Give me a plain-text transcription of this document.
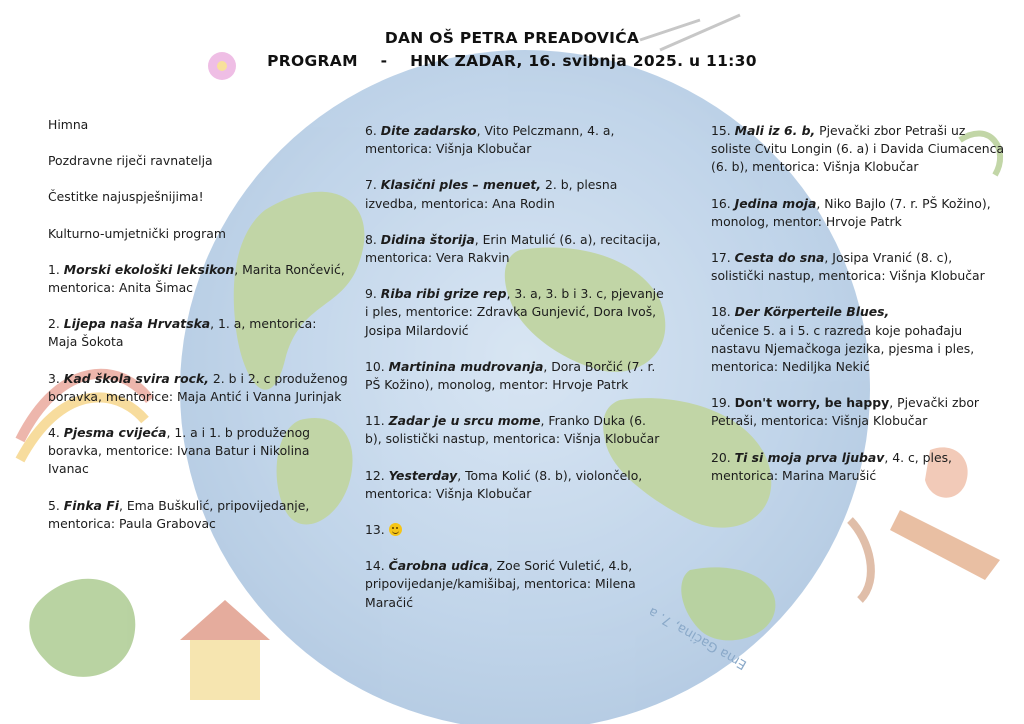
DAN OŠ PETRA PREADOVIĆA
PROGRAM    -    HNK ZADAR, 16. svibnja 2025. u 11:30
Himna
Pozdravne riječi ravnatelja
Čestitke najuspješnijima!
Kulturno-umjetnički program
1. Morski ekološki leksikon, Marita Rončević, mentorica: Anita Šimac
2. Lijepa naša Hrvatska, 1. a, mentorica: Maja Šokota
3. Kad škola svira rock, 2. b i 2. c produženog boravka, mentorice: Maja Antić i Vanna Jurinjak
4. Pjesma cvijeća, 1. a i 1. b produženog boravka, mentorice: Ivana Batur i Nikolina Ivanac
5. Finka Fi, Ema Buškulić, pripovijedanje, mentorica: Paula Grabovac
6. Dite zadarsko, Vito Pelczmann, 4. a, mentorica: Višnja Klobučar
7. Klasični ples – menuet, 2. b, plesna izvedba, mentorica: Ana Rodin
8. Didina štorija, Erin Matulić (6. a), recitacija, mentorica: Vera Rakvin
9. Riba ribi grize rep, 3. a, 3. b i 3. c, pjevanje i ples, mentorice: Zdravka Gunjević, Dora Ivoš, Josipa Milardović
10. Martinina mudrovanja, Dora Borčić (7. r. PŠ Kožino), monolog, mentor: Hrvoje Patrk
11. Zadar je u srcu mome, Franko Duka (6. b), solistički nastup, mentorica: Višnja Klobučar
12. Yesterday, Toma Kolić (8. b), violončelo, mentorica: Višnja Klobučar
13.
14. Čarobna udica, Zoe Sorić Vuletić, 4.b, pripovijedanje/kamišibaj, mentorica: Milena Maračić
15. Mali iz 6. b, Pjevački zbor Petraši uz soliste Cvitu Longin (6. a) i Davida Ciumacenca (6. b), mentorica: Višnja Klobučar
16. Jedina moja, Niko Bajlo (7. r. PŠ Kožino), monolog, mentor: Hrvoje Patrk
17. Cesta do sna, Josipa Vranić (8. c), solistički nastup, mentorica: Višnja Klobučar
18. Der Körperteile Blues,
učenice 5. a i 5. c razreda koje pohađaju nastavu Njemačkoga jezika, pjesma i ples, mentorica: Nediljka Nekić
19. Don't worry, be happy, Pjevački zbor Petraši, mentorica: Višnja Klobučar
20. Ti si moja prva ljubav, 4. c, ples, mentorica: Marina Marušić
Ema Gaćina, 7. a
